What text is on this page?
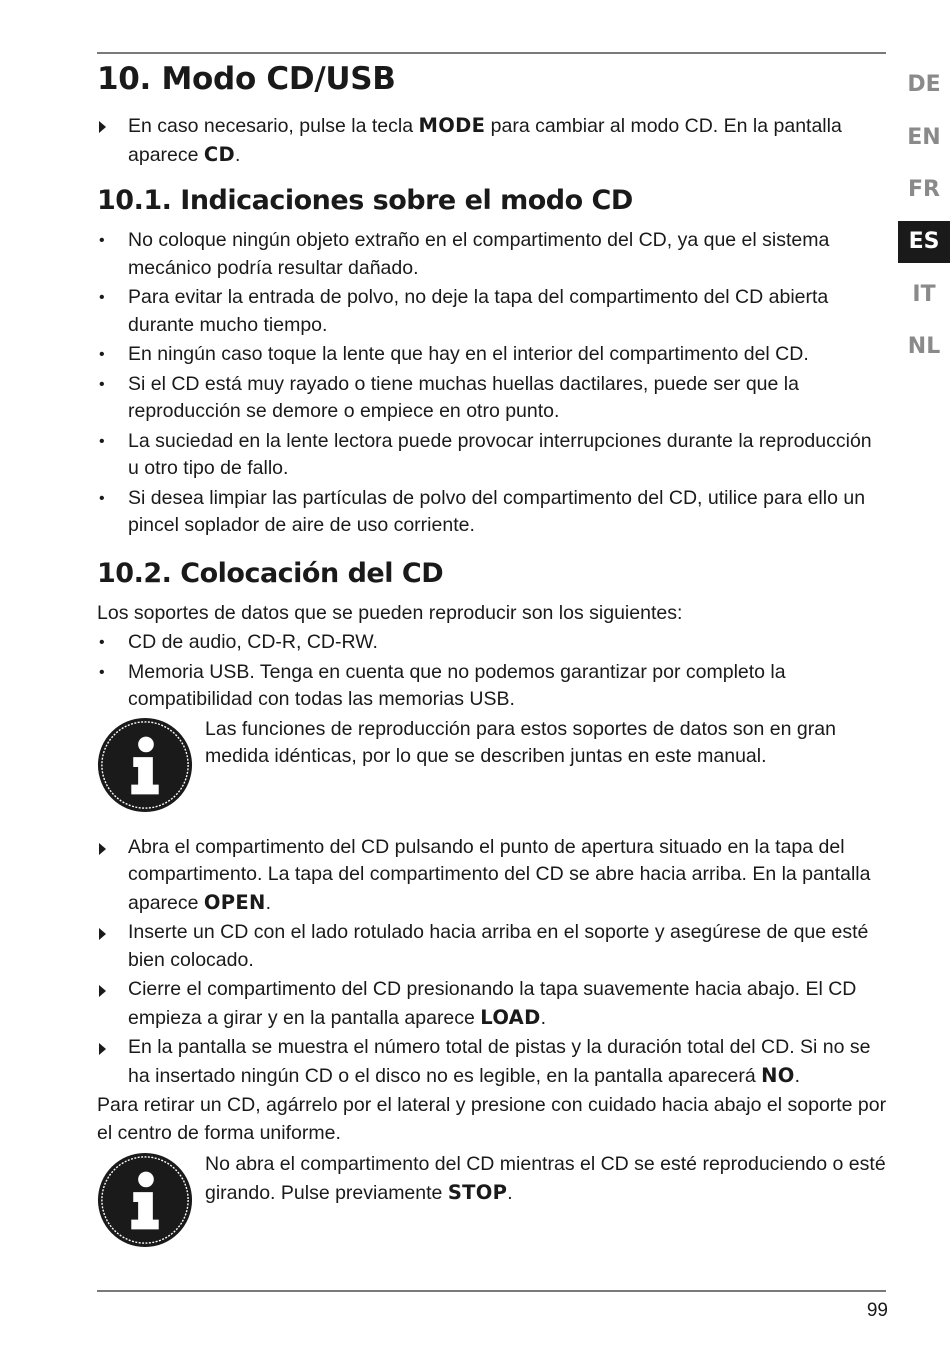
10. Modo CD/USB
En caso necesario, pulse la tecla MODE para cambiar al modo CD. En la pantalla aparece CD.
10.1. Indicaciones sobre el modo CD
•	No coloque ningún objeto extraño en el compartimento del CD, ya que el sistema mecánico podría resultar dañado.
•	Para evitar la entrada de polvo, no deje la tapa del compartimento del CD abierta durante mucho tiempo.
•	En ningún caso toque la lente que hay en el interior del compartimento del CD.
•	Si el CD está muy rayado o tiene muchas huellas dactilares, puede ser que la reproducción se demore o empiece en otro punto.
•	La suciedad en la lente lectora puede provocar interrupciones durante la reproducción u otro tipo de fallo.
•	Si desea limpiar las partículas de polvo del compartimento del CD, utilice para ello un pincel soplador de aire de uso corriente.
10.2. Colocación del CD

Los soportes de datos que se pueden reproducir son los siguientes:

•	CD de audio, CD-R, CD-RW.
•	Memoria USB. Tenga en cuenta que no podemos garantizar por completo la compatibilidad con todas las memorias USB.

Las funciones de reproducción para estos soportes de datos son en gran medida idénticas, por lo que se describen juntas en este manual.

Abra el compartimento del CD pulsando el punto de apertura situado en la tapa del compartimento. La tapa del compartimento del CD se abre hacia arriba. En la pantalla aparece OPEN.
Inserte un CD con el lado rotulado hacia arriba en el soporte y asegúrese de que esté bien colocado.
Cierre el compartimento del CD presionando la tapa suavemente hacia abajo. El CD empieza a girar y en la pantalla aparece LOAD.
En la pantalla se muestra el número total de pistas y la duración total del CD. Si no se ha insertado ningún CD o el disco no es legible, en la pantalla aparecerá NO.

Para retirar un CD, agárrelo por el lateral y presione con cuidado hacia abajo el soporte por el centro de forma uniforme.

No abra el compartimento del CD mientras el CD se esté reproduciendo o esté girando. Pulse previamente STOP.

DE
EN
FR
ES
IT
NL
99
